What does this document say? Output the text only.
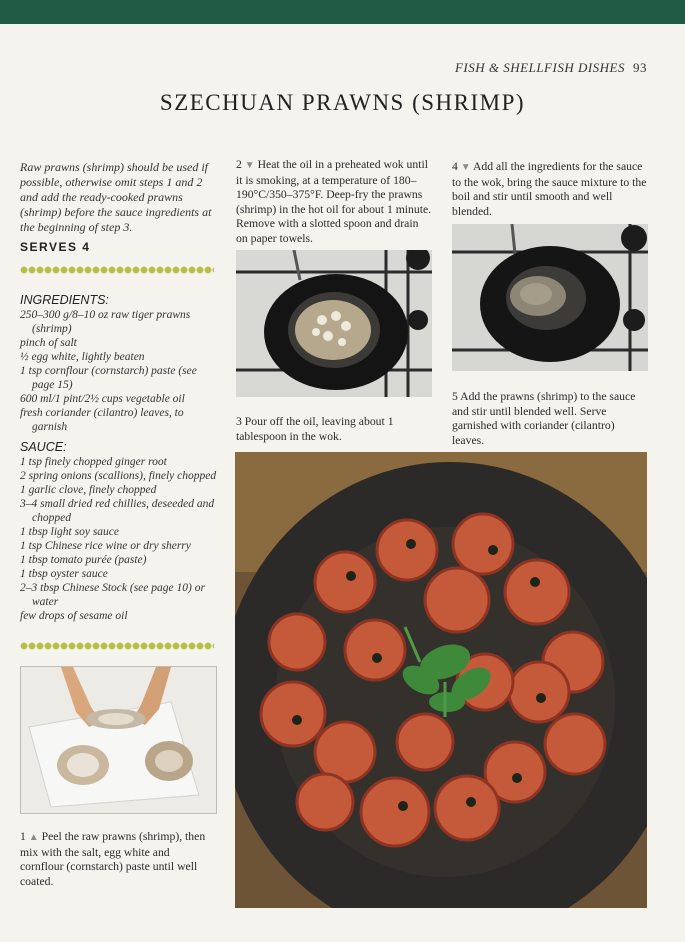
FISH & SHELLFISH DISHES 93
SZECHUAN PRAWNS (SHRIMP)
Raw prawns (shrimp) should be used if possible, otherwise omit steps 1 and 2 and add the ready-cooked prawns (shrimp) before the sauce ingredients at the beginning of step 3.
SERVES 4
INGREDIENTS:
250–300 g/8–10 oz raw tiger prawns (shrimp)
pinch of salt
½ egg white, lightly beaten
1 tsp cornflour (cornstarch) paste (see page 15)
600 ml/1 pint/2½ cups vegetable oil
fresh coriander (cilantro) leaves, to garnish
SAUCE:
1 tsp finely chopped ginger root
2 spring onions (scallions), finely chopped
1 garlic clove, finely chopped
3–4 small dried red chillies, deseeded and chopped
1 tbsp light soy sauce
1 tsp Chinese rice wine or dry sherry
1 tbsp tomato purée (paste)
1 tbsp oyster sauce
2–3 tbsp Chinese Stock (see page 10) or water
few drops of sesame oil
1 ▲ Peel the raw prawns (shrimp), then mix with the salt, egg white and cornflour (cornstarch) paste until well coated.
2 ▼ Heat the oil in a preheated wok until it is smoking, at a temperature of 180–190°C/350–375°F. Deep-fry the prawns (shrimp) in the hot oil for about 1 minute. Remove with a slotted spoon and drain on paper towels.
3 Pour off the oil, leaving about 1 tablespoon in the wok.
4 ▼ Add all the ingredients for the sauce to the wok, bring the sauce mixture to the boil and stir until smooth and well blended.
5 Add the prawns (shrimp) to the sauce and stir until blended well. Serve garnished with coriander (cilantro) leaves.
